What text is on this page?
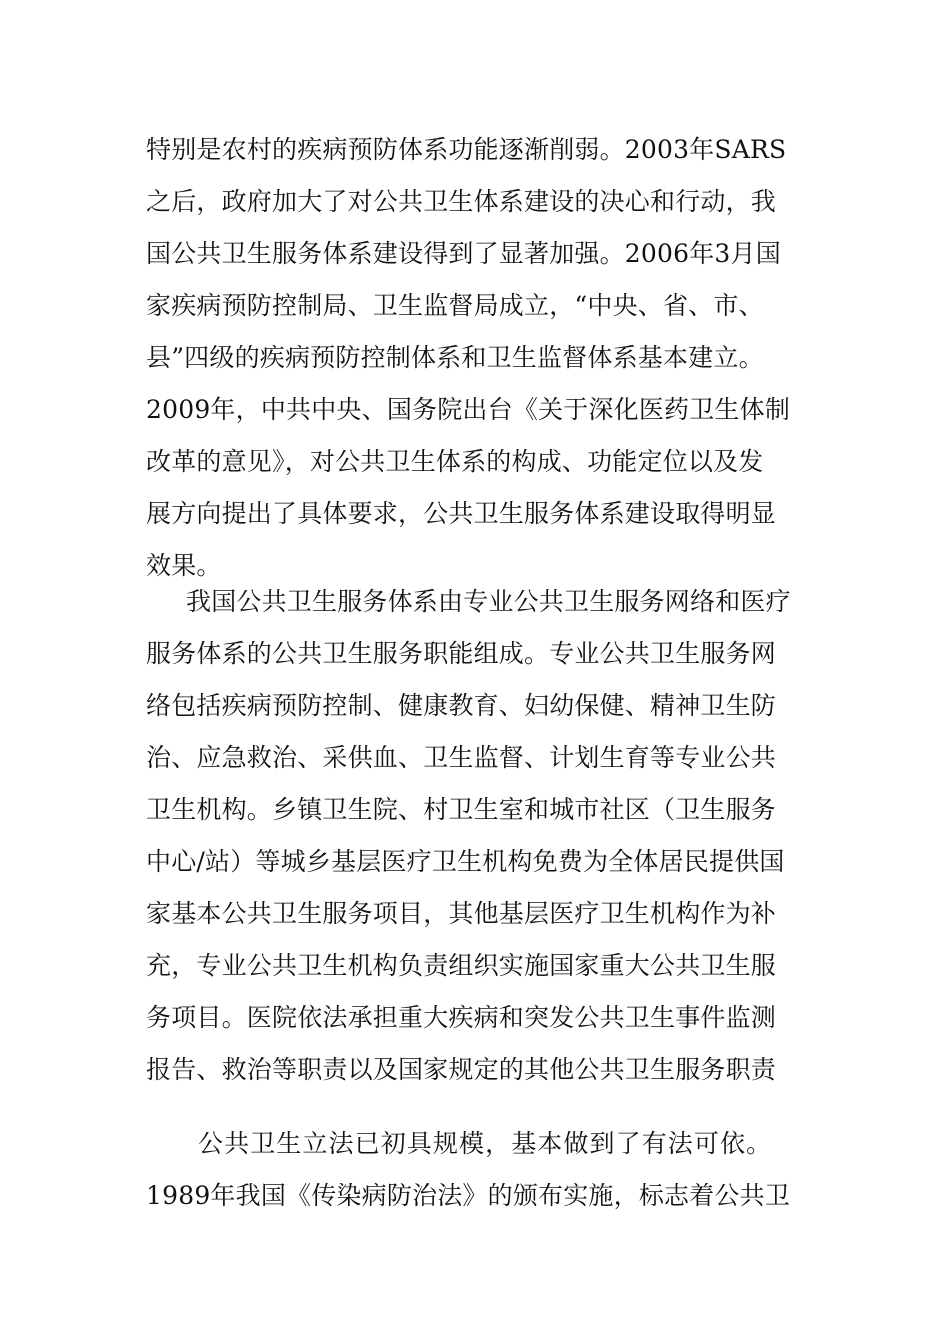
特别是农村的疾病预防体系功能逐渐削弱。2003年SARS
之后，政府加大了对公共卫生体系建设的决心和行动，我
国公共卫生服务体系建设得到了显著加强。2006年3月国
家疾病预防控制局、卫生监督局成立，“中央、省、市、
县”四级的疾病预防控制体系和卫生监督体系基本建立。
2009年，中共中央、国务院出台《关于深化医药卫生体制
改革的意见》，对公共卫生体系的构成、功能定位以及发
展方向提出了具体要求，公共卫生服务体系建设取得明显
效果。
我国公共卫生服务体系由专业公共卫生服务网络和医疗
服务体系的公共卫生服务职能组成。专业公共卫生服务网
络包括疾病预防控制、健康教育、妇幼保健、精神卫生防
治、应急救治、采供血、卫生监督、计划生育等专业公共
卫生机构。乡镇卫生院、村卫生室和城市社区（卫生服务
中心/站）等城乡基层医疗卫生机构免费为全体居民提供国
家基本公共卫生服务项目，其他基层医疗卫生机构作为补
充，专业公共卫生机构负责组织实施国家重大公共卫生服
务项目。医院依法承担重大疾病和突发公共卫生事件监测
报告、救治等职责以及国家规定的其他公共卫生服务职责
公共卫生立法已初具规模，基本做到了有法可依。
1989年我国《传染病防治法》的颁布实施，标志着公共卫
